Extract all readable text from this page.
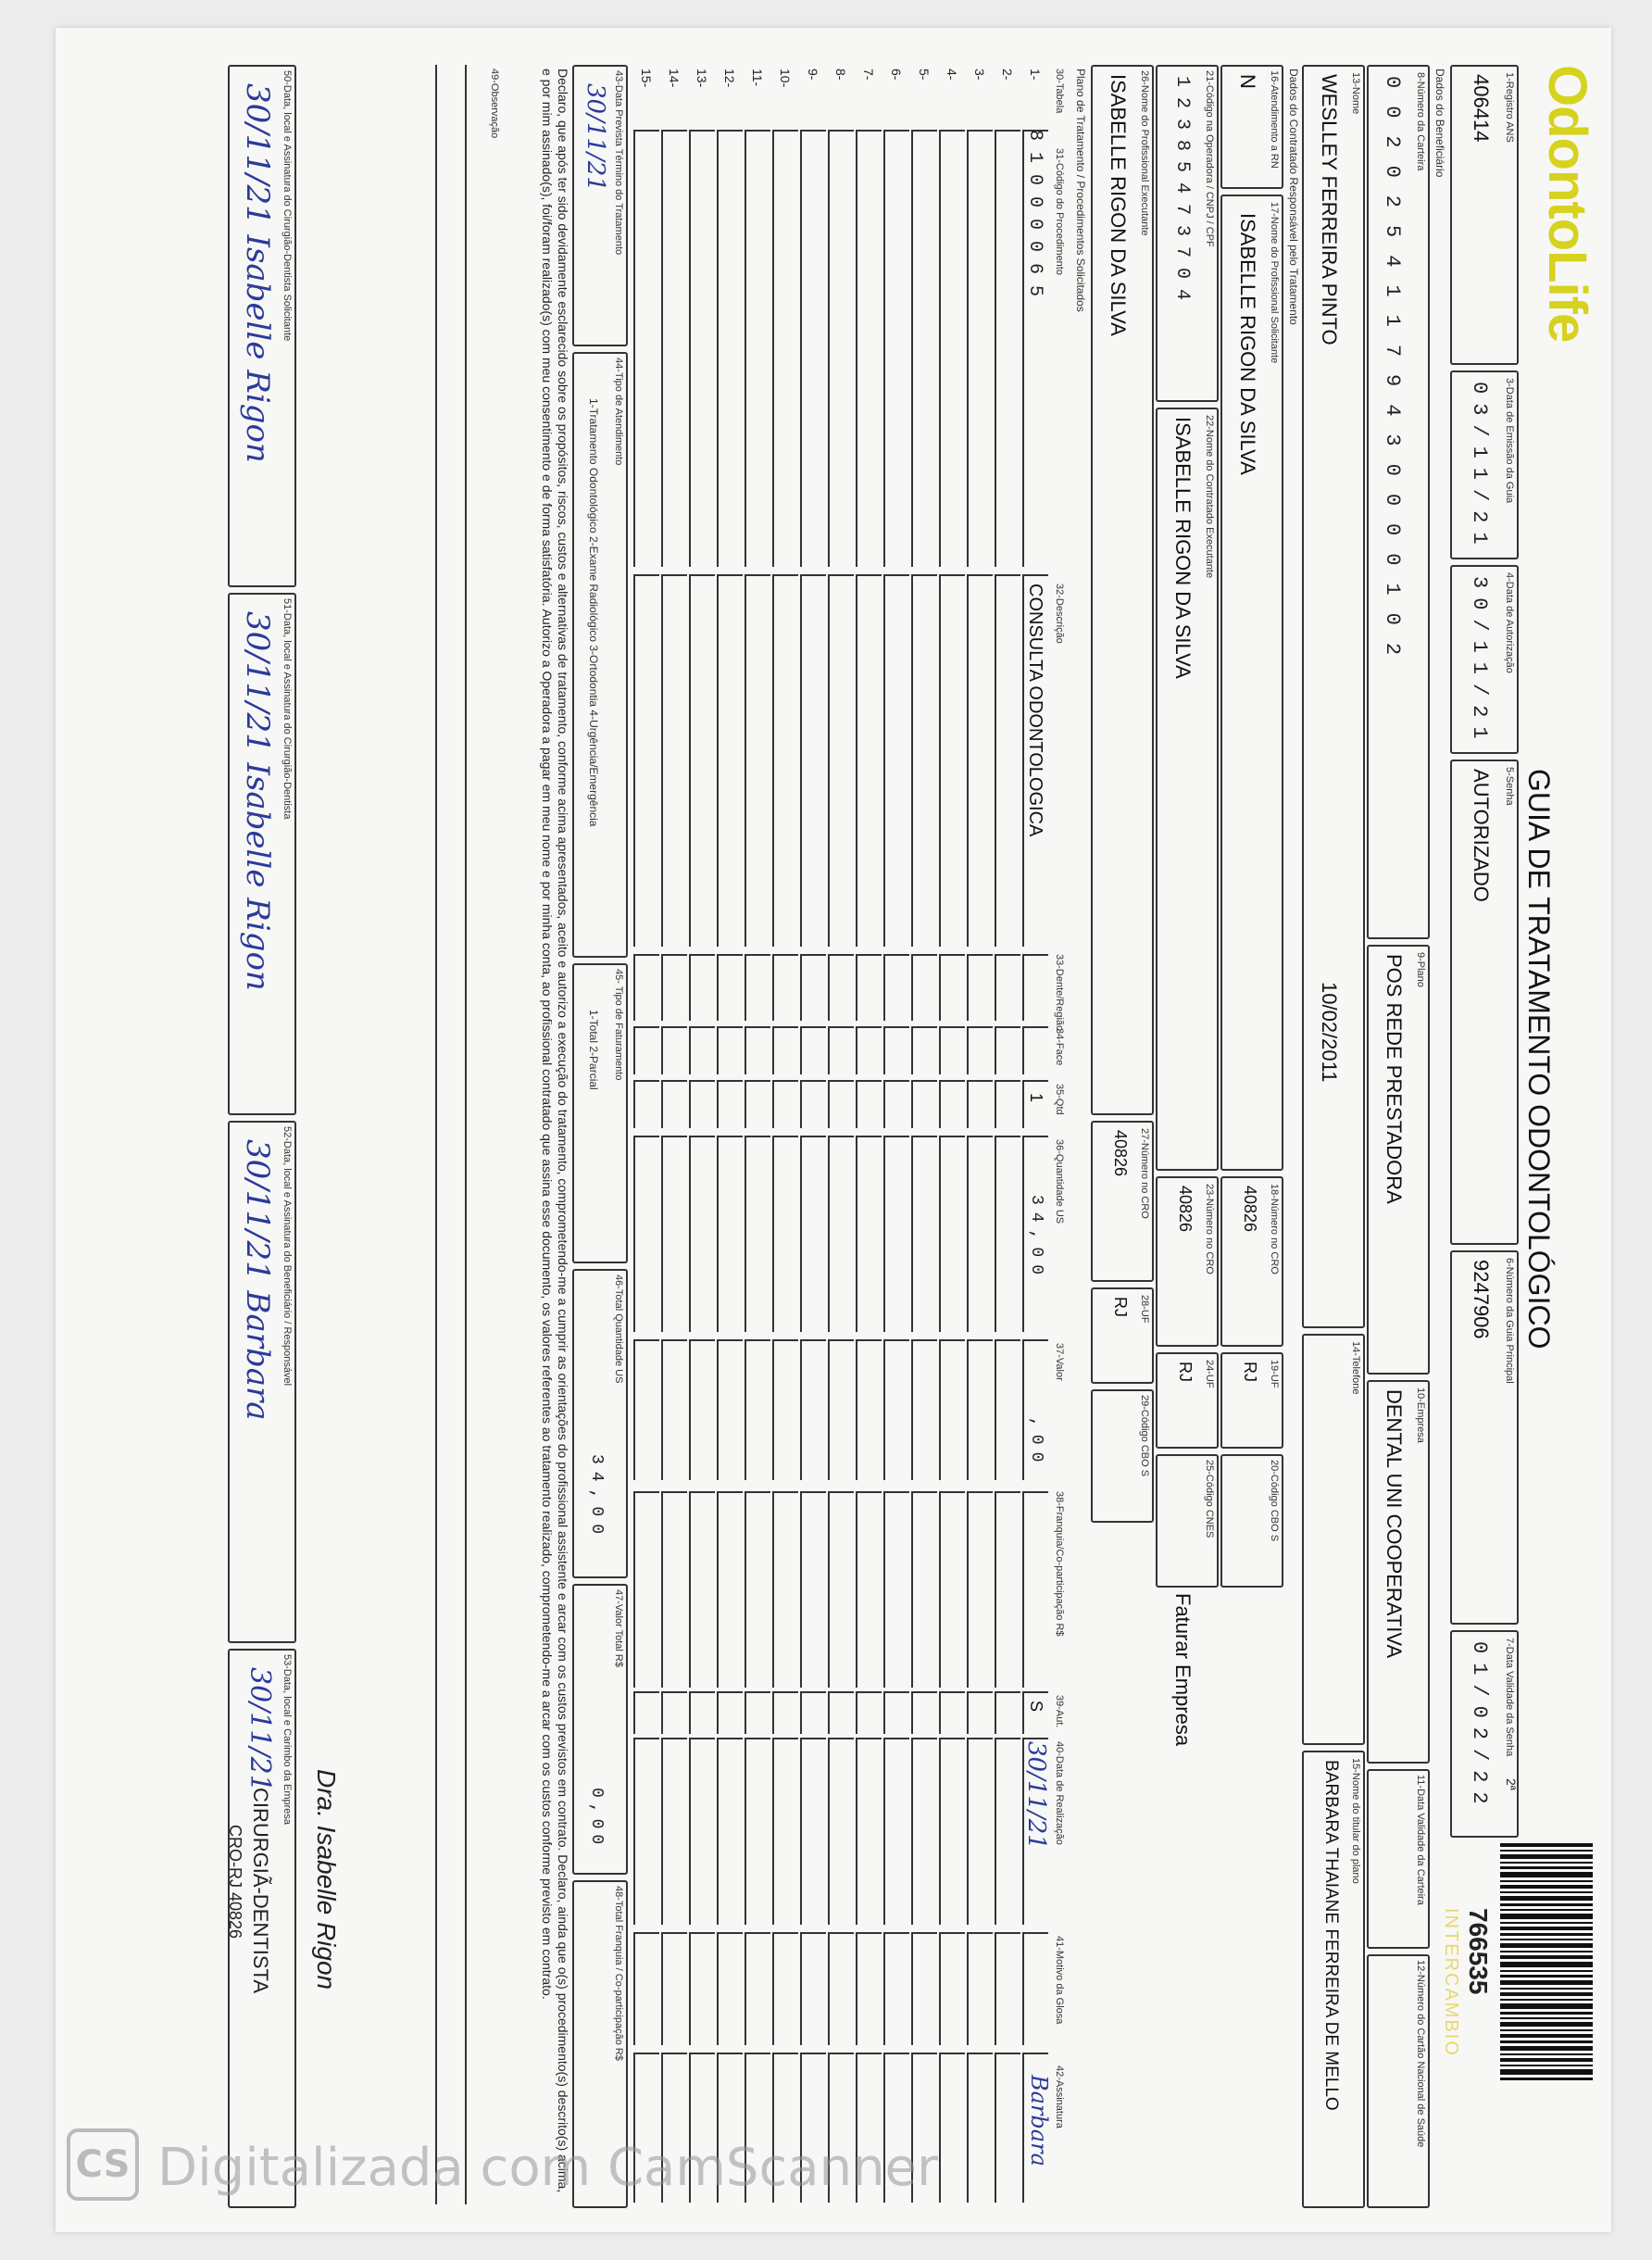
OdontoLife
GUIA DE TRATAMENTO ODONTOLÓGICO
2ª
766535
INTERCAMBIO
1-Registro ANS
406414
3-Data de Emissão da Guia
03/11/21
4-Data de Autorização
30/11/21
5-Senha
AUTORIZADO
6-Número da Guia Principal
9247906
7-Data Validade da Senha
01/02/22
Dados do Beneficiário
8-Número da Carteira
00202541179430000102
9-Plano
POS REDE PRESTADORA
10-Empresa
DENTAL UNI COOPERATIVA
11-Data Validade da Carteira
12-Número do Cartão Nacional de Saúde
13-Nome
WESLLEY FERREIRA PINTO
10/02/2011
14-Telefone
15-Nome do titular do plano
BARBARA THAIANE FERREIRA DE MELLO
Dados do Contratado Responsável pelo Tratamento
16-Atendimento a RN
N
17-Nome do Profissional Solicitante
ISABELLE RIGON DA SILVA
18-Número no CRO
40826
19-UF
RJ
20-Código CBO S
21-Código na Operadora / CNPJ / CPF
12385473704
22-Nome do Contratado Executante
ISABELLE RIGON DA SILVA
23-Número no CRO
40826
24-UF
RJ
25-Código CNES
26-Nome do Profissional Executante
ISABELLE RIGON DA SILVA
27-Número no CRO
40826
28-UF
RJ
29-Código CBO S
Faturar Empresa
Plano de Tratamento / Procedimentos Solicitados
30-Tabela
31-Código do Procedimento
32-Descrição
33-Dente/Região
34-Face
35-Qtd
36-Quantidade US
37-Valor
38-Franquia/Co-participação R$
39-Aut.
40-Data de Realização
41-Motivo da Glosa
42-Assinatura
1-
2-
3-
4-
5-
6-
7-
8-
9-
10-
11-
12-
13-
14-
15-
81000065
CONSULTA ODONTOLOGICA
1
34,00
,00
S
30/11/21
Barbara
43-Data Prevista Término do Tratamento
30/11/21
44-Tipo de Atendimento
1-Tratamento Odontológico 2-Exame Radiológico 3-Ortodontia 4-Urgência/Emergência
45- Tipo de Faturamento
1-Total 2-Parcial
46-Total Quantidade US
34,00
47-Valor Total R$
0,00
48-Total Franquia / Co-participação R$
Declaro, que após ter sido devidamente esclarecido sobre os propósitos, riscos, custos e alternativas de tratamento, conforme acima apresentados, aceito e autorizo a execução do tratamento, comprometendo-me a cumprir as orientações do profissional assistente e arcar com os custos previstos em contrato. Declaro, ainda que o(s) procedimento(s) descrito(s) acima, e por mim assinado(s), foi/foram realizado(s) com meu consentimento e de forma satisfatória. Autorizo a Operadora a pagar em meu nome e por minha conta, ao profissional contratado que assina esse documento, os valores referentes ao tratamento realizado, comprometendo-me a arcar com os custos conforme previsto em contrato.
49-Observação
50-Data, local e Assinatura do Cirurgião-Dentista Solicitante
30/11/21 Isabelle Rigon
51-Data, local e Assinatura do Cirurgião-Dentista
30/11/21 Isabelle Rigon
52-Data, local e Assinatura do Beneficiário / Responsável
30/11/21 Barbara
53-Data, local e Carimbo da Empresa
30/11/21
Dra. Isabelle Rigon
CIRURGIÃ-DENTISTA
CRO-RJ 40826
CS Digitalizada com CamScanner
